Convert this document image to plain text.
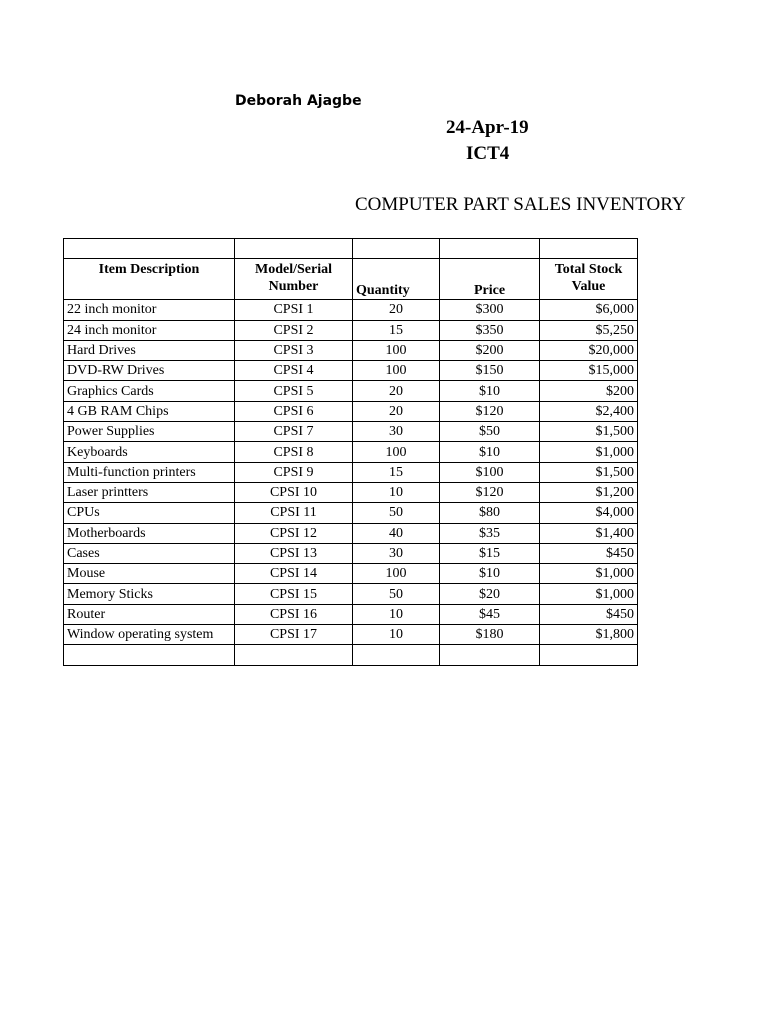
Deborah Ajagbe
24-Apr-19
ICT4
COMPUTER PART SALES INVENTORY

Item Description	Model/Serial Number	Quantity	Price	Total Stock Value
22 inch monitor	CPSI 1	20	$300	$6,000
24 inch monitor	CPSI 2	15	$350	$5,250
Hard Drives	CPSI 3	100	$200	$20,000
DVD-RW Drives	CPSI 4	100	$150	$15,000
Graphics Cards	CPSI 5	20	$10	$200
4 GB RAM Chips	CPSI 6	20	$120	$2,400
Power Supplies	CPSI 7	30	$50	$1,500
Keyboards	CPSI 8	100	$10	$1,000
Multi-function printers	CPSI 9	15	$100	$1,500
Laser printters	CPSI 10	10	$120	$1,200
CPUs	CPSI 11	50	$80	$4,000
Motherboards	CPSI 12	40	$35	$1,400
Cases	CPSI 13	30	$15	$450
Mouse	CPSI 14	100	$10	$1,000
Memory Sticks	CPSI 15	50	$20	$1,000
Router	CPSI 16	10	$45	$450
Window operating system	CPSI 17	10	$180	$1,800
